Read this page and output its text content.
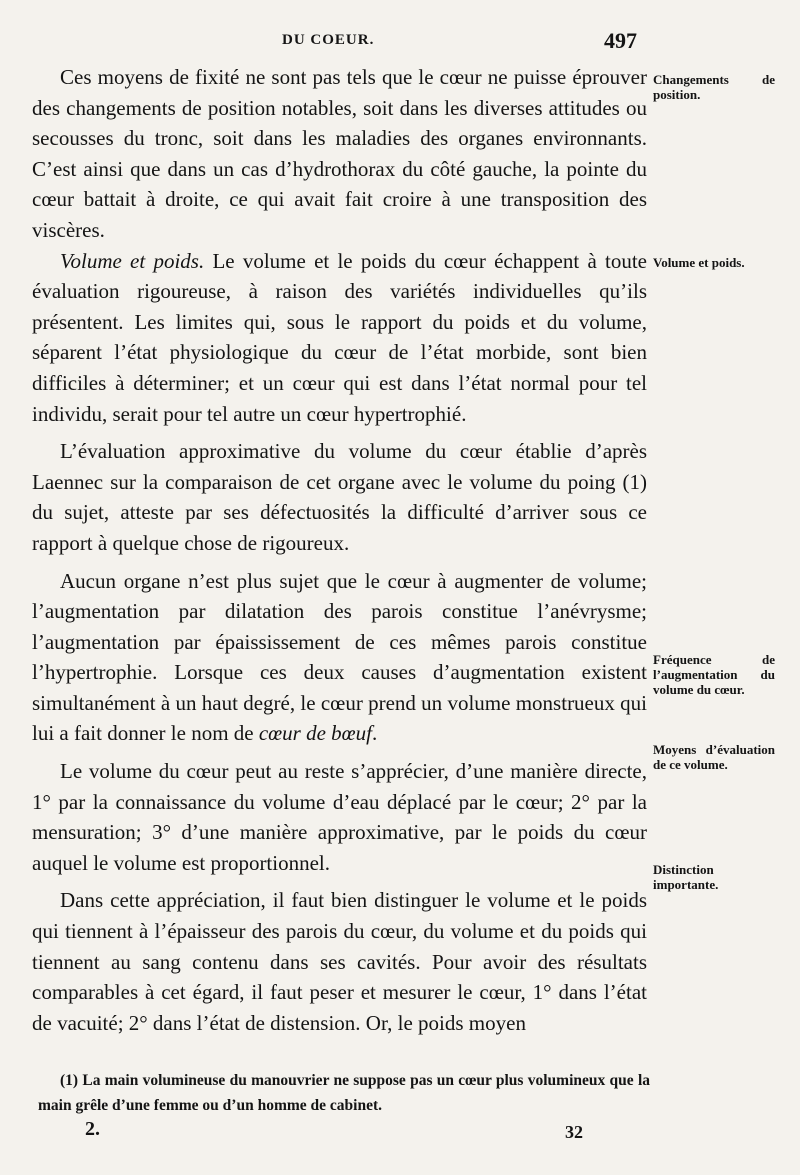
DU COEUR.	497

Ces moyens de fixité ne sont pas tels que le cœur ne puisse éprouver des changements de position notables, soit dans les diverses attitudes ou secousses du tronc, soit dans les maladies des organes environnants. C’est ainsi que dans un cas d’hydrothorax du côté gauche, la pointe du cœur battait à droite, ce qui avait fait croire à une transposition des viscères.

Volume et poids. Le volume et le poids du cœur échappent à toute évaluation rigoureuse, à raison des variétés individuelles qu’ils présentent. Les limites qui, sous le rapport du poids et du volume, séparent l’état physiologique du cœur de l’état morbide, sont bien difficiles à déterminer; et un cœur qui est dans l’état normal pour tel individu, serait pour tel autre un cœur hypertrophié.

L’évaluation approximative du volume du cœur établie d’après Laennec sur la comparaison de cet organe avec le volume du poing (1) du sujet, atteste par ses défectuosités la difficulté d’arriver sous ce rapport à quelque chose de rigoureux.

Aucun organe n’est plus sujet que le cœur à augmenter de volume; l’augmentation par dilatation des parois constitue l’anévrysme; l’augmentation par épaississement de ces mêmes parois constitue l’hypertrophie. Lorsque ces deux causes d’augmentation existent simultanément à un haut degré, le cœur prend un volume monstrueux qui lui a fait donner le nom de cœur de bœuf.

Le volume du cœur peut au reste s’apprécier, d’une manière directe, 1° par la connaissance du volume d’eau déplacé par le cœur; 2° par la mensuration; 3° d’une manière approximative, par le poids du cœur auquel le volume est proportionnel.

Dans cette appréciation, il faut bien distinguer le volume et le poids qui tiennent à l’épaisseur des parois du cœur, du volume et du poids qui tiennent au sang contenu dans ses cavités. Pour avoir des résultats comparables à cet égard, il faut peser et mesurer le cœur, 1° dans l’état de vacuité; 2° dans l’état de distension. Or, le poids moyen

Changements de position.
Volume et poids.
Fréquence de l’augmentation du volume du cœur.
Moyens d’évaluation de ce volume.
Distinction importante.
(1) La main volumineuse du manouvrier ne suppose pas un cœur plus volumineux que la main grêle d’une femme ou d’un homme de cabinet.
2.	32
